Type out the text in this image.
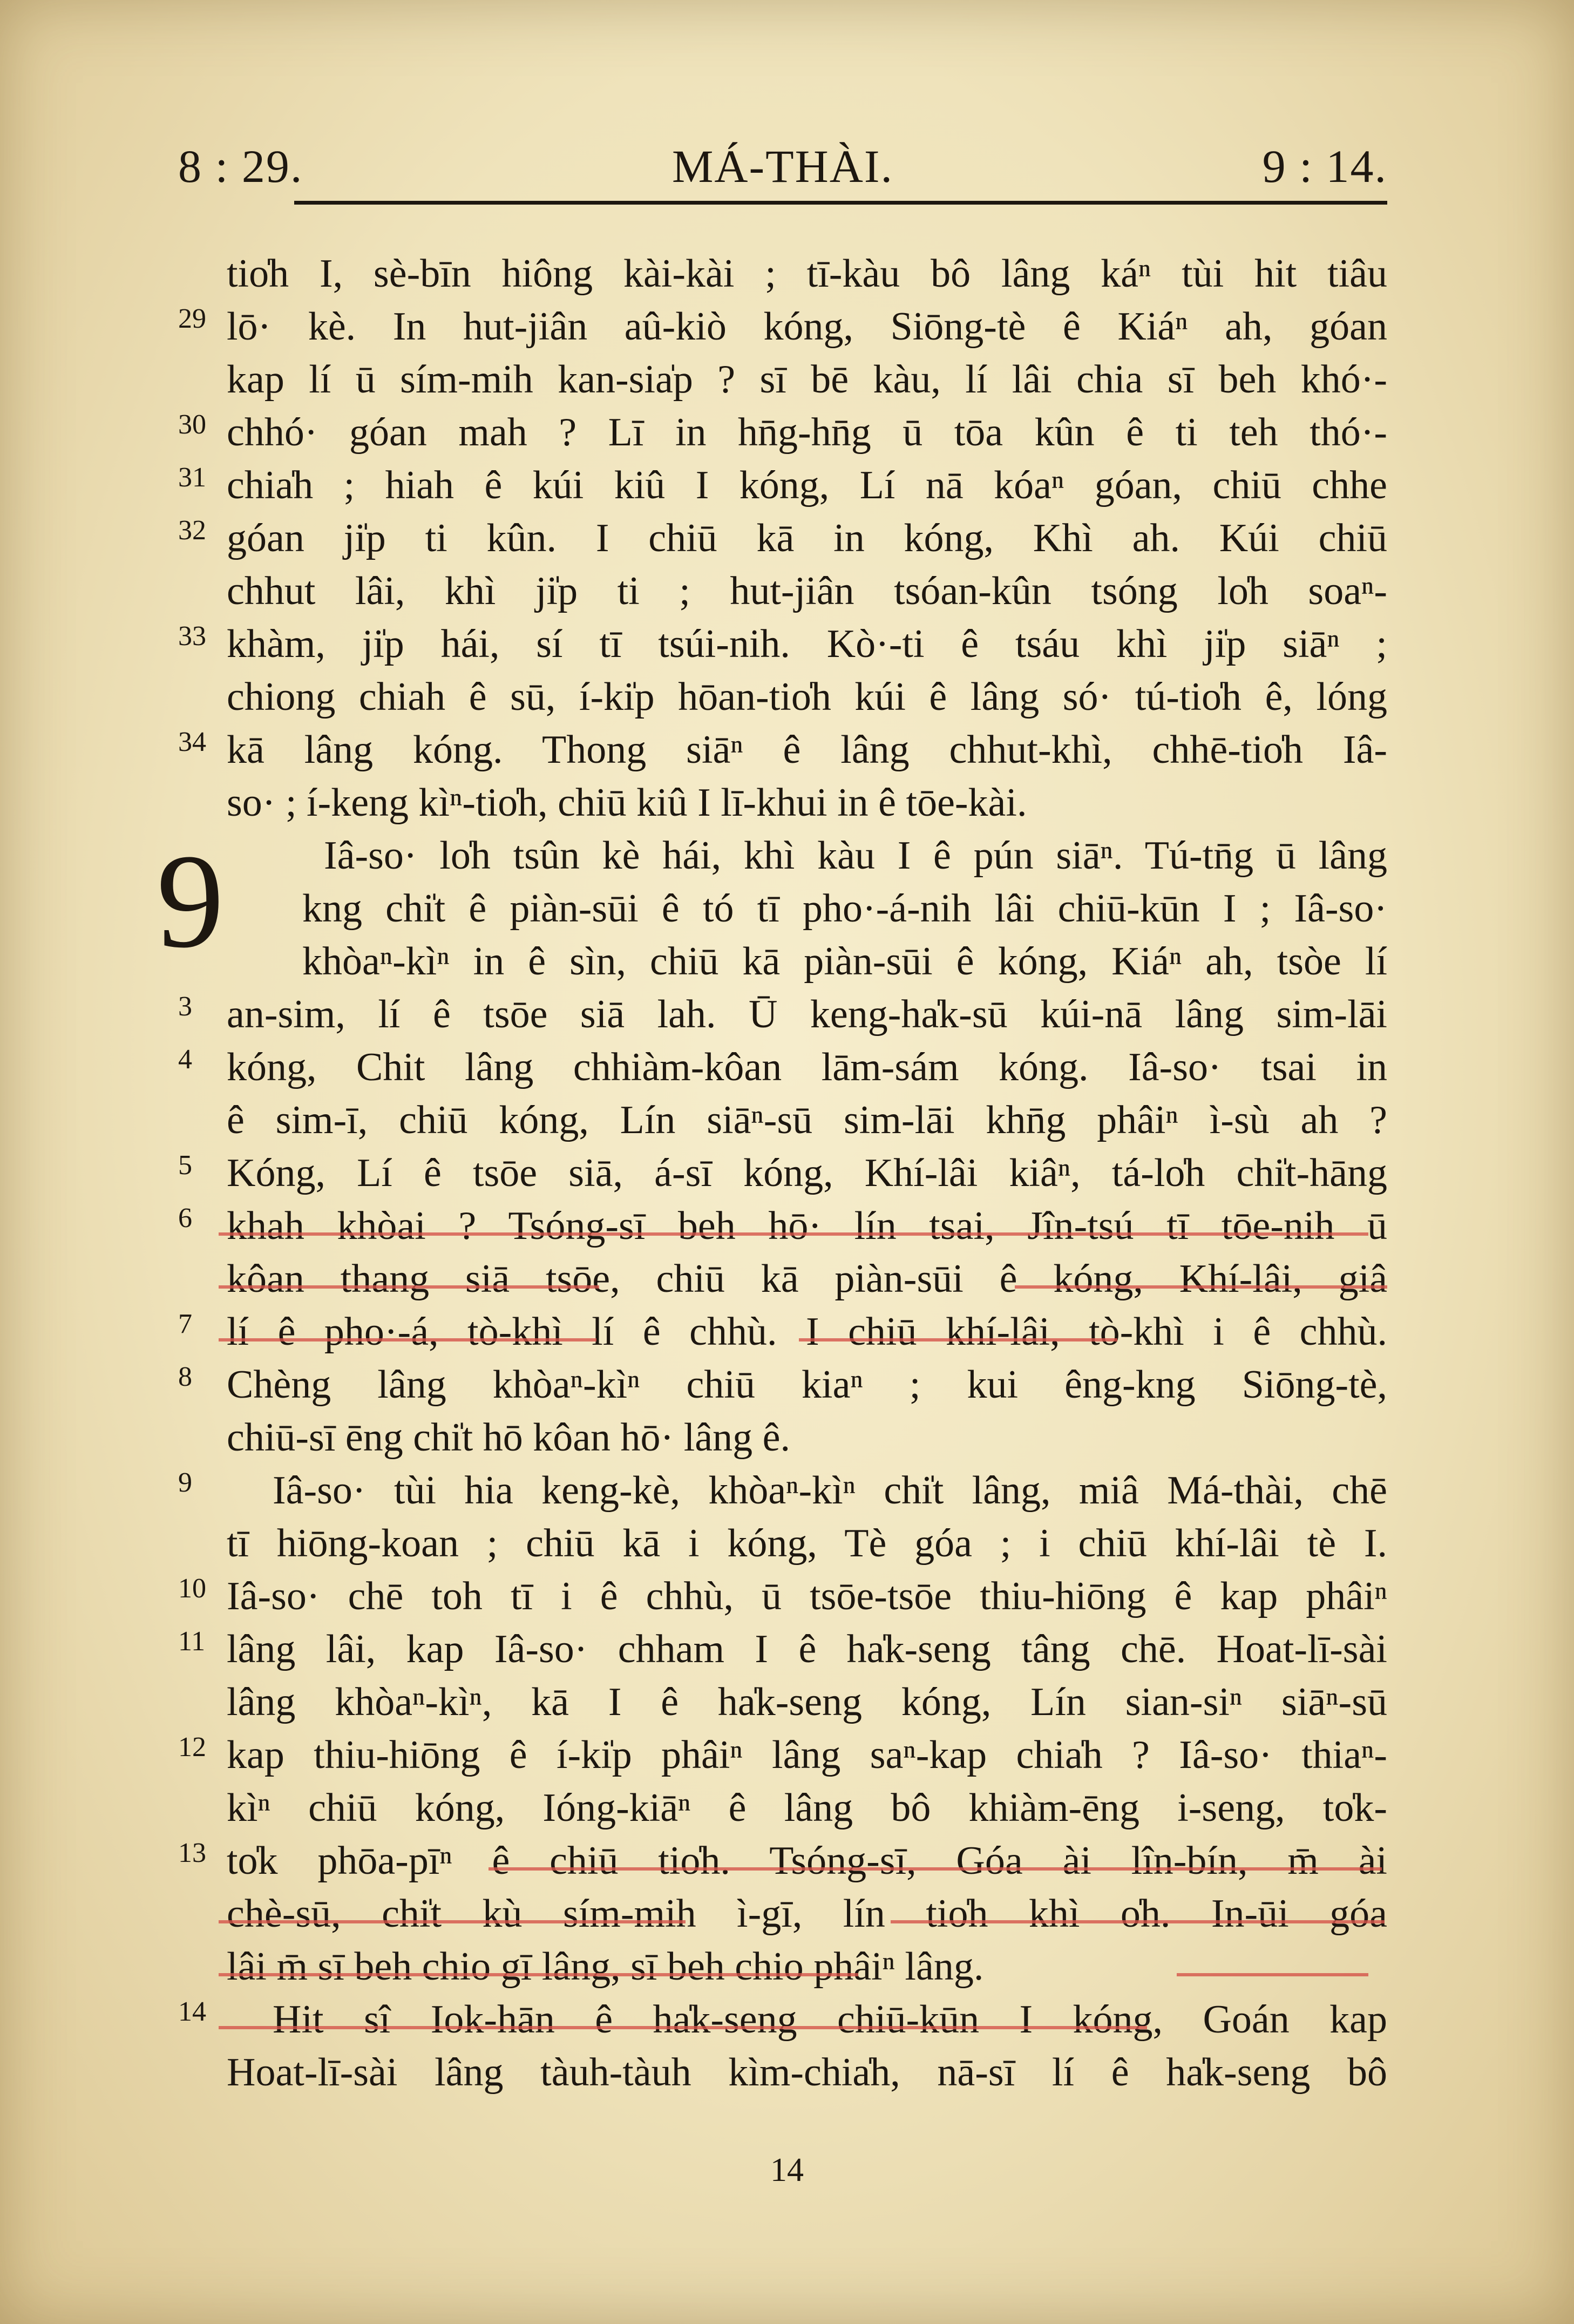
8 : 29.	MÁ-THÀI.	9 : 14.
9
tio̍h I, sè-bīn hiông kài-kài ; tī-kàu bô lâng káⁿ tùi hit tiâu
29 lō· kè. In hut-jiân aû-kiò kóng, Siōng-tè ê Kiáⁿ ah, góan
kap lí ū sím-mih kan-sia̍p ? sī bē kàu, lí lâi chia sī beh khó·-
30 chhó· góan mah ? Lī in hn̄g-hn̄g ū tōa kûn ê ti teh thó·-
31 chia̍h ; hiah ê kúi kiû I kóng, Lí nā kóaⁿ góan, chiū chhe
32 góan ji̍p ti kûn. I chiū kā in kóng, Khì ah. Kúi chiū
chhut lâi, khì ji̍p ti ; hut-jiân tsóan-kûn tsóng lo̍h soaⁿ-
33 khàm, ji̍p hái, sí tī tsúi-nih. Kò·-ti ê tsáu khì ji̍p siāⁿ ;
chiong chiah ê sū, í-ki̍p hōan-tio̍h kúi ê lâng só· tú-tio̍h ê, lóng
34 kā lâng kóng. Thong siāⁿ ê lâng chhut-khì, chhē-tio̍h Iâ-
so· ; í-keng kìⁿ-tio̍h, chiū kiû I lī-khui in ê tōe-kài.
Iâ-so· lo̍h tsûn kè hái, khì kàu I ê pún siāⁿ. Tú-tn̄g ū lâng
kng chi̍t ê piàn-sūi ê tó tī pho·-á-nih lâi chiū-kūn I ; Iâ-so·
khòaⁿ-kìⁿ in ê sìn, chiū kā piàn-sūi ê kóng, Kiáⁿ ah, tsòe lí
3 an-sim, lí ê tsōe siā lah. Ū keng-ha̍k-sū kúi-nā lâng sim-lāi
4 kóng, Chit lâng chhiàm-kôan lām-sám kóng. Iâ-so· tsai in
ê sim-ī, chiū kóng, Lín siāⁿ-sū sim-lāi khn̄g phâiⁿ ì-sù ah ?
5 Kóng, Lí ê tsōe siā, á-sī kóng, Khí-lâi kiâⁿ, tá-lo̍h chi̍t-hāng
6 khah khòai ? Tsóng-sī beh hō· lín tsai, Jîn-tsú tī tōe-nih ū
kôan thang siā tsōe, chiū kā piàn-sūi ê kóng, Khí-lâi, giâ
7 lí ê pho·-á, tò-khì lí ê chhù. I chiū khí-lâi, tò-khì i ê chhù.
8 Chèng lâng khòaⁿ-kìⁿ chiū kiaⁿ ; kui êng-kng Siōng-tè,
chiū-sī ēng chi̍t hō kôan hō· lâng ê.
9	Iâ-so· tùi hia keng-kè, khòaⁿ-kìⁿ chi̍t lâng, miâ Má-thài, chē
tī hiōng-koan ; chiū kā i kóng, Tè góa ; i chiū khí-lâi tè I.
10 Iâ-so· chē toh tī i ê chhù, ū tsōe-tsōe thiu-hiōng ê kap phâiⁿ
11 lâng lâi, kap Iâ-so· chham I ê ha̍k-seng tâng chē. Hoat-lī-sài
lâng khòaⁿ-kìⁿ, kā I ê ha̍k-seng kóng, Lín sian-siⁿ siāⁿ-sū
12 kap thiu-hiōng ê í-ki̍p phâiⁿ lâng saⁿ-kap chia̍h ? Iâ-so· thiaⁿ-
kìⁿ chiū kóng, Ióng-kiāⁿ ê lâng bô khiàm-ēng i-seng, to̍k-
13 to̍k phōa-pīⁿ ê chiū tio̍h. Tsóng-sī, Góa ài lîn-bín, m̄ ài
chè-sū, chi̍t kù sím-mih ì-gī, lín tio̍h khì o̍h. In-ūi góa
lâi m̄ sī beh chio gī lâng, sī beh chio phâiⁿ lâng.
14 Hit sî Iok-hān ê ha̍k-seng chiū-kūn I kóng, Goán kap
Hoat-lī-sài lâng tàuh-tàuh kìm-chia̍h, nā-sī lí ê ha̍k-seng bô
14
